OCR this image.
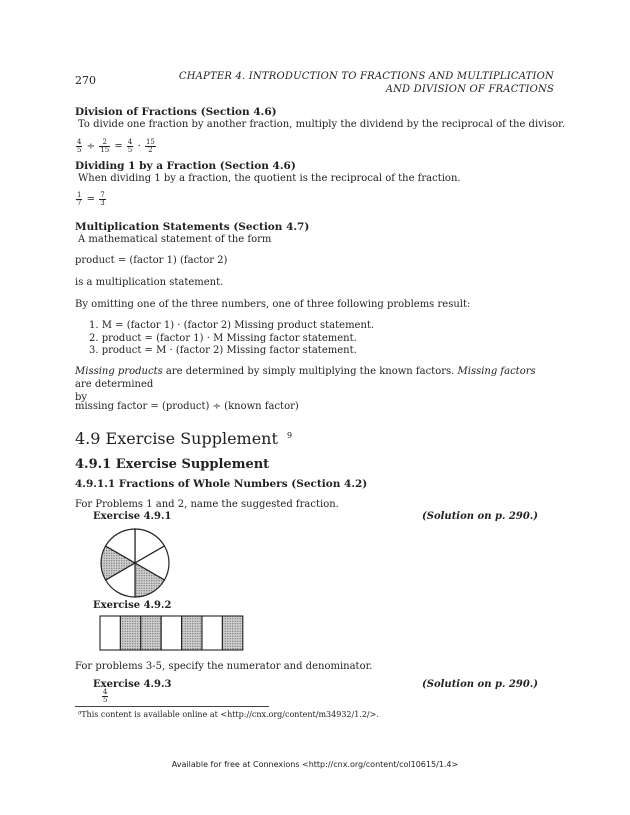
270	CHAPTER 4. INTRODUCTION TO FRACTIONS AND MULTIPLICATION
AND DIVISION OF FRACTIONS
Division of Fractions (Section 4.6)
To divide one fraction by another fraction, multiply the dividend by the reciprocal of the divisor.
$\frac{4}{5} \div \frac{2}{15} = \frac{4}{5} \cdot \frac{15}{2}$
Dividing 1 by a Fraction (Section 4.6)
When dividing 1 by a fraction, the quotient is the reciprocal of the fraction.
$\frac{1}{7} = \frac{7}{3}$
Multiplication Statements (Section 4.7)
A mathematical statement of the form
product = (factor 1) (factor 2)
is a multiplication statement.
By omitting one of the three numbers, one of three following problems result:
1. M = (factor 1) · (factor 2) Missing product statement.
2. product = (factor 1) · M Missing factor statement.
3. product = M · (factor 2) Missing factor statement.
Missing products are determined by simply multiplying the known factors. Missing factors are determined
by
missing factor = (product) ÷ (known factor)
4.9 Exercise Supplement $^9$
4.9.1 Exercise Supplement
4.9.1.1 Fractions of Whole Numbers (Section 4.2)
For Problems 1 and 2, name the suggested fraction.
Exercise 4.9.1	(Solution on p. 290.)
Exercise 4.9.2
For problems 3-5, specify the numerator and denominator.
Exercise 4.9.3	(Solution on p. 290.)
$\frac{4}{5}$
⁹This content is available online at <http://cnx.org/content/m34932/1.2/>.
Available for free at Connexions <http://cnx.org/content/col10615/1.4>
